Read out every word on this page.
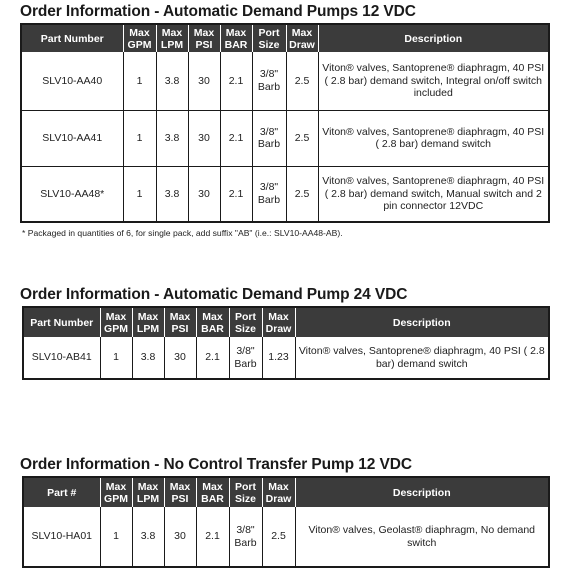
Order Information - Automatic Demand Pumps 12 VDC
Part Number	Max GPM	Max LPM	Max PSI	Max BAR	Port Size	Max Draw	Description
SLV10-AA40	1	3.8	30	2.1	3/8" Barb	2.5	Viton® valves, Santoprene® diaphragm, 40 PSI ( 2.8 bar) demand switch, Integral on/off switch included
SLV10-AA41	1	3.8	30	2.1	3/8" Barb	2.5	Viton® valves, Santoprene® diaphragm, 40 PSI ( 2.8 bar) demand switch
SLV10-AA48*	1	3.8	30	2.1	3/8" Barb	2.5	Viton® valves, Santoprene® diaphragm, 40 PSI ( 2.8 bar) demand switch, Manual switch and 2 pin connector 12VDC
* Packaged in quantities of 6, for single pack, add suffix "AB" (i.e.: SLV10-AA48-AB).
Order Information - Automatic Demand Pump 24 VDC
Part Number	Max GPM	Max LPM	Max PSI	Max BAR	Port Size	Max Draw	Description
SLV10-AB41	1	3.8	30	2.1	3/8" Barb	1.23	Viton® valves, Santoprene® diaphragm, 40 PSI ( 2.8 bar) demand switch
Order Information - No Control Transfer Pump 12 VDC
Part #	Max GPM	Max LPM	Max PSI	Max BAR	Port Size	Max Draw	Description
SLV10-HA01	1	3.8	30	2.1	3/8" Barb	2.5	Viton® valves, Geolast® diaphragm, No demand switch
